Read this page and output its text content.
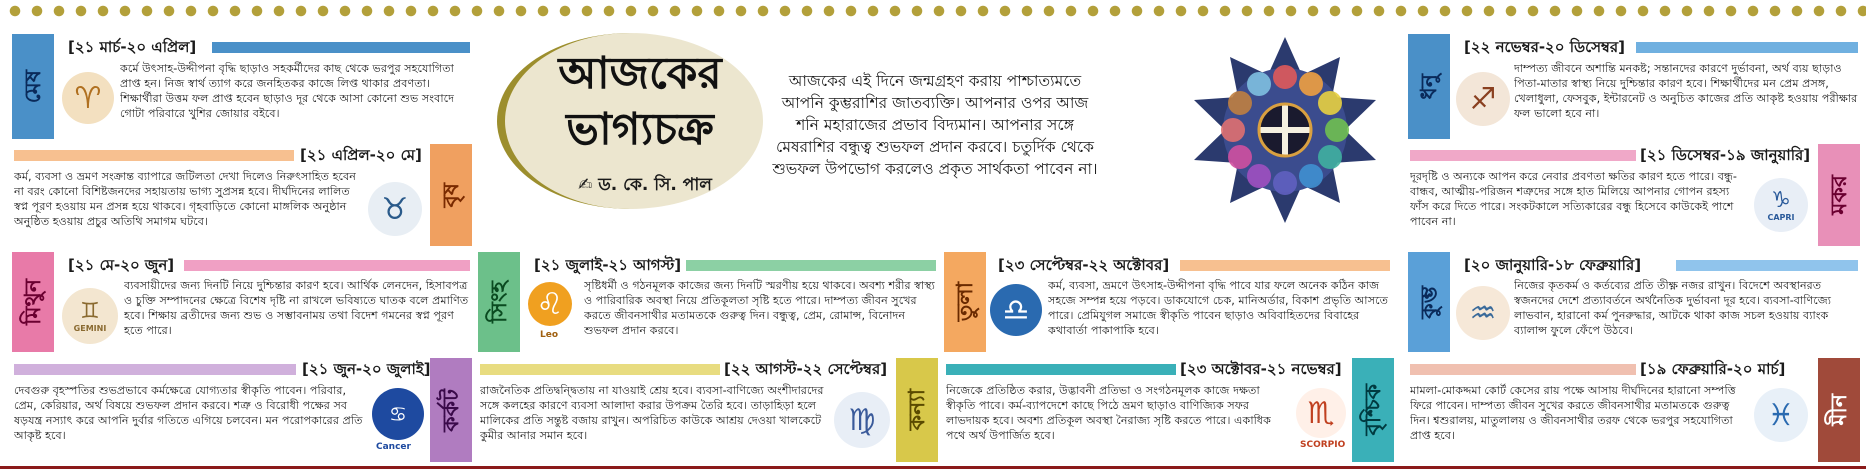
আজকের ভাগ্যচক্র
✍ ড. কে. সি. পাল
আজকের এই দিনে জন্মগ্রহণ করায় পাশ্চাত্যমতে আপনি কুম্ভরাশির জাতব্যক্তি। আপনার ওপর আজ শনি মহারাজের প্রভাব বিদ্যমান। আপনার সঙ্গে মেষরাশির বন্ধুত্ব শুভফল প্রদান করবে। চতুর্দিক থেকে শুভফল উপভোগ করলেও প্রকৃত সার্থকতা পাবেন না।
মেষ
[২১ মার্চ-২০ এপ্রিল]
♈
কর্মে উৎসাহ-উদ্দীপনা বৃদ্ধি ছাড়াও সহকর্মীদের কাছ থেকে ভরপুর সহযোগিতা প্রাপ্ত হন। নিজ স্বার্থ ত্যাগ করে জনহিতকর কাজে লিপ্ত থাকার প্রবণতা। শিক্ষার্থীরা উত্তম ফল প্রাপ্ত হবেন ছাড়াও দূর থেকে আসা কোনো শুভ সংবাদে গোটা পরিবারে খুশির জোয়ার বইবে।
বৃষ
[২১ এপ্রিল-২০ মে]
কর্ম, ব্যবসা ও ভ্রমণ সংক্রান্ত ব্যাপারে জটিলতা দেখা দিলেও নিরুৎসাহিত হবেন না বরং কোনো বিশিষ্টজনদের সহায়তায় ভাগ্য সুপ্রসন্ন হবে। দীর্ঘদিনের লালিত স্বপ্ন পূরণ হওয়ায় মন প্রসন্ন হয়ে থাকবে। গৃহবাড়িতে কোনো মাঙ্গলিক অনুষ্ঠান অনুষ্ঠিত হওয়ায় প্রচুর অতিথি সমাগম ঘটবে।	♉
মিথুন
[২১ মে-২০ জুন]
♊
GEMINI
ব্যবসায়ীদের জন্য দিনটি নিয়ে দুশ্চিন্তার কারণ হবে। আর্থিক লেনদেন, হিসাবপত্র ও চুক্তি সম্পাদনের ক্ষেত্রে বিশেষ দৃষ্টি না রাখলে ভবিষ্যতে ঘাতক বলে প্রমাণিত হবে। শিক্ষায় ব্রতীদের জন্য শুভ ও সম্ভাবনাময় তথা বিদেশ গমনের স্বপ্ন পূরণ হতে পারে।
কর্কট
[২১ জুন-২০ জুলাই]
দেবগুরু বৃহস্পতির শুভপ্রভাবে কর্মক্ষেত্রে যোগ্যতার স্বীকৃতি পাবেন। পরিবার, প্রেম, কেরিয়ার, অর্থ বিষয়ে শুভফল প্রদান করবে। শত্রু ও বিরোধী পক্ষের সব ষড়যন্ত্র নস্যাৎ করে আপনি দুর্বার গতিতে এগিয়ে চলবেন। মন পরোপকারের প্রতি আকৃষ্ট হবে।
♋
Cancer
সিংহ
[২১ জুলাই-২১ আগস্ট]
♌
Leo
সৃষ্টিধর্মী ও গঠনমূলক কাজের জন্য দিনটি স্মরণীয় হয়ে থাকবে। অবশ্য শরীর স্বাস্থ্য ও পারিবারিক অবস্থা নিয়ে প্রতিকূলতা সৃষ্টি হতে পারে। দাম্পত্য জীবন সুখের করতে জীবনসাথীর মতামতকে গুরুত্ব দিন। বন্ধুত্ব, প্রেম, রোমান্স, বিনোদন শুভফল প্রদান করবে।
কন্যা
[২২ আগস্ট-২২ সেপ্টেম্বর]
রাজনৈতিক প্রতিদ্বন্দ্বিতায় না যাওয়াই শ্রেয় হবে। ব্যবসা-বাণিজ্যে অংশীদারদের সঙ্গে কলহের কারণে ব্যবসা আলাদা করার উপক্রম তৈরি হবে। তাড়াহিড়া হলে মালিকের প্রতি সন্তুষ্ট বজায় রাখুন। অপরিচিত কাউকে আশ্রয় দেওয়া খালকেটে কুমীর আনার সমান হবে।	♍
তুলা
[২৩ সেপ্টেম্বর-২২ অক্টোবর]
♎
কর্ম, ব্যবসা, ভ্রমণে উৎসাহ-উদ্দীপনা বৃদ্ধি পাবে যার ফলে অনেক কঠিন কাজ সহজে সম্পন্ন হয়ে পড়বে। ডাকযোগে চেক, মানিঅর্ডার, বিকাশ প্রভৃতি আসতে পারে। প্রেমিযুগল সমাজে স্বীকৃতি পাবেন ছাড়াও অবিবাহিতদের বিবাহের কথাবার্তা পাকাপাকি হবে।
বৃশ্চিক
[২৩ অক্টোবর-২১ নভেম্বর]
নিজেকে প্রতিষ্ঠিত করার, উদ্ভাবনী প্রতিভা ও সংগঠনমূলক কাজে দক্ষতা স্বীকৃতি পাবে। কর্ম-ব্যাপদেশে কাছে পিঠে ভ্রমণ ছাড়াও বাণিজ্যিক সফর লাভদায়ক হবে। অবশ্য প্রতিকূল অবস্থা নৈরাজ্য সৃষ্টি করতে পারে। একাধিক পথে অর্থ উপার্জিত হবে।
♏
SCORPIO
ধনু
[২২ নভেম্বর-২০ ডিসেম্বর]
♐
দাম্পত্য জীবনে অশান্তি মনকষ্ট; সন্তানদের কারণে দুর্ভাবনা, অর্থ ব্যয় ছাড়াও পিতা-মাতার স্বাস্থ্য নিয়ে দুশ্চিন্তার কারণ হবে। শিক্ষার্থীদের মন প্রেম প্রসঙ্গ, খেলাধুলা, ফেসবুক, ইন্টারনেট ও অনুচিত কাজের প্রতি আকৃষ্ট হওয়ায় পরীক্ষার ফল ভালো হবে না।
মকর
[২১ ডিসেম্বর-১৯ জানুয়ারি]
দূরদৃষ্টি ও অন্যকে আপন করে নেবার প্রবণতা ক্ষতির কারণ হতে পারে। বন্ধু-বান্ধব, আত্মীয়-পরিজন শত্রুদের সঙ্গে হাত মিলিয়ে আপনার গোপন রহস্য ফাঁস করে দিতে পারে। সংকটকালে সত্যিকারের বন্ধু হিসেবে কাউকেই পাশে পাবেন না।
♑
CAPRI
কুম্ভ
[২০ জানুয়ারি-১৮ ফেব্রুয়ারি]
♒
নিজের কৃতকর্ম ও কর্তব্যের প্রতি তীক্ষ্ণ নজর রাখুন। বিদেশে অবস্থানরত স্বজনদের দেশে প্রত্যাবর্তনে অর্থনৈতিক দুর্ভাবনা দূর হবে। ব্যবসা-বাণিজ্যে লাভবান, হারানো কর্ম পুনরুদ্ধার, আটকে থাকা কাজ সচল হওয়ায় ব্যাংক ব্যালান্স ফুলে ফেঁপে উঠবে।
মীন
[১৯ ফেব্রুয়ারি-২০ মার্চ]
মামলা-মোকদ্দমা কোর্ট কেসের রায় পক্ষে আসায় দীর্ঘদিনের হারানো সম্পত্তি ফিরে পাবেন। দাম্পত্য জীবন সুখের করতে জীবনসাথীর মতামতকে গুরুত্ব দিন। শ্বশুরালয়, মাতুলালয় ও জীবনসাথীর তরফ থেকে ভরপুর সহযোগিতা প্রাপ্ত হবে।
♓
